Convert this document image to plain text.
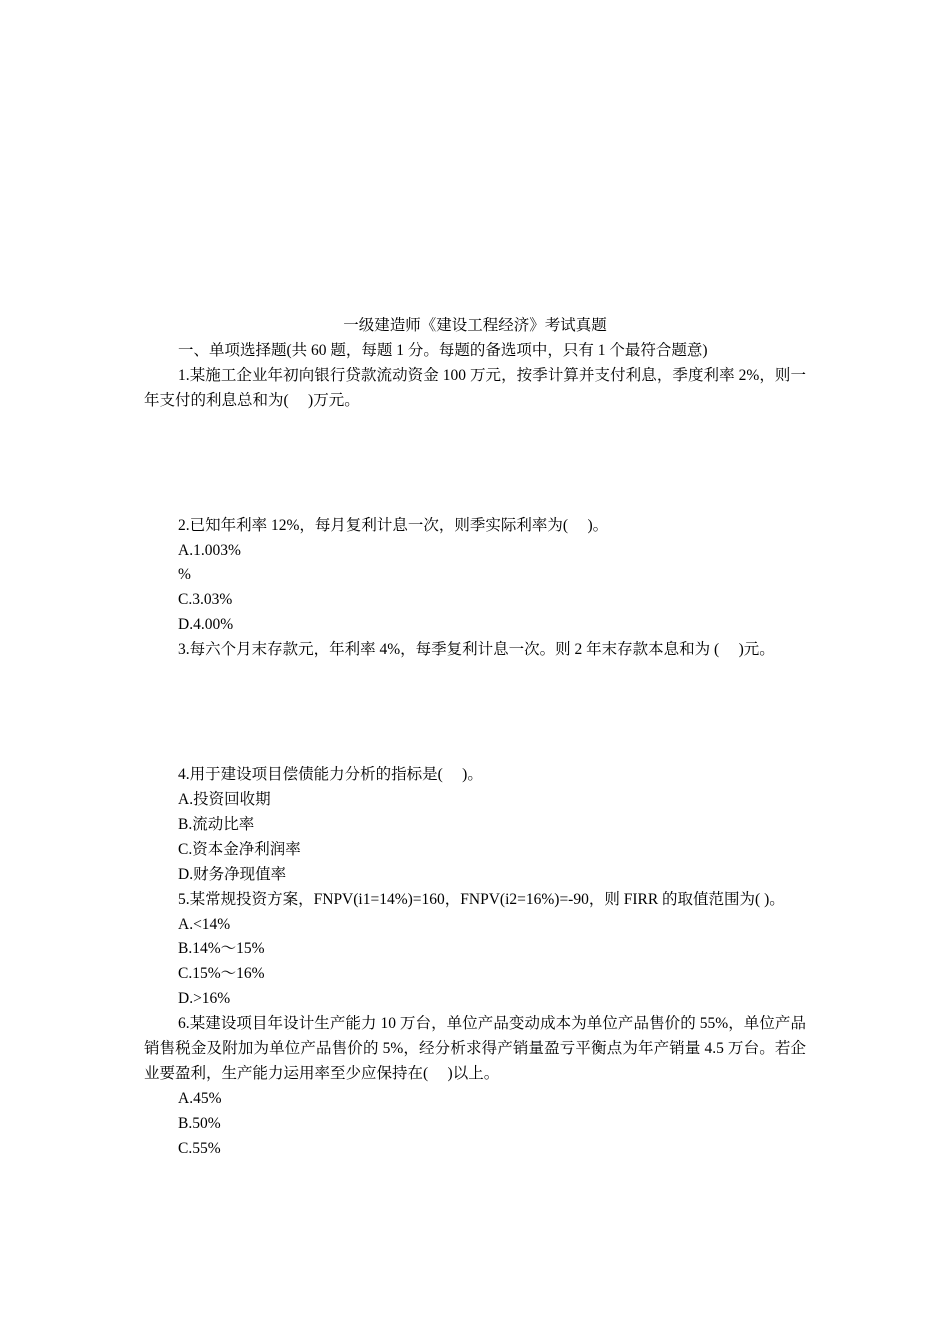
一级建造师《建设工程经济》考试真题

一、单项选择题(共 60 题，每题 1 分。每题的备选项中，只有 1 个最符合题意)

1.某施工企业年初向银行贷款流动资金 100 万元，按季计算并支付利息，季度利率 2%，则一年支付的利息总和为(　 )万元。

2.已知年利率 12%，每月复利计息一次，则季实际利率为(　 )。

A.1.003%

%

C.3.03%

D.4.00%

3.每六个月末存款元，年利率 4%，每季复利计息一次。则 2 年末存款本息和为 (　 )元。

4.用于建设项目偿债能力分析的指标是(　 )。

A.投资回收期

B.流动比率

C.资本金净利润率

D.财务净现值率

5.某常规投资方案，FNPV(i1=14%)=160，FNPV(i2=16%)=-90，则 FIRR 的取值范围为( )。

A.<14%

B.14%～15%

C.15%～16%

D.>16%

6.某建设项目年设计生产能力 10 万台，单位产品变动成本为单位产品售价的 55%，单位产品销售税金及附加为单位产品售价的 5%，经分析求得产销量盈亏平衡点为年产销量 4.5 万台。若企业要盈利，生产能力运用率至少应保持在(　 )以上。

A.45%

B.50%

C.55%
